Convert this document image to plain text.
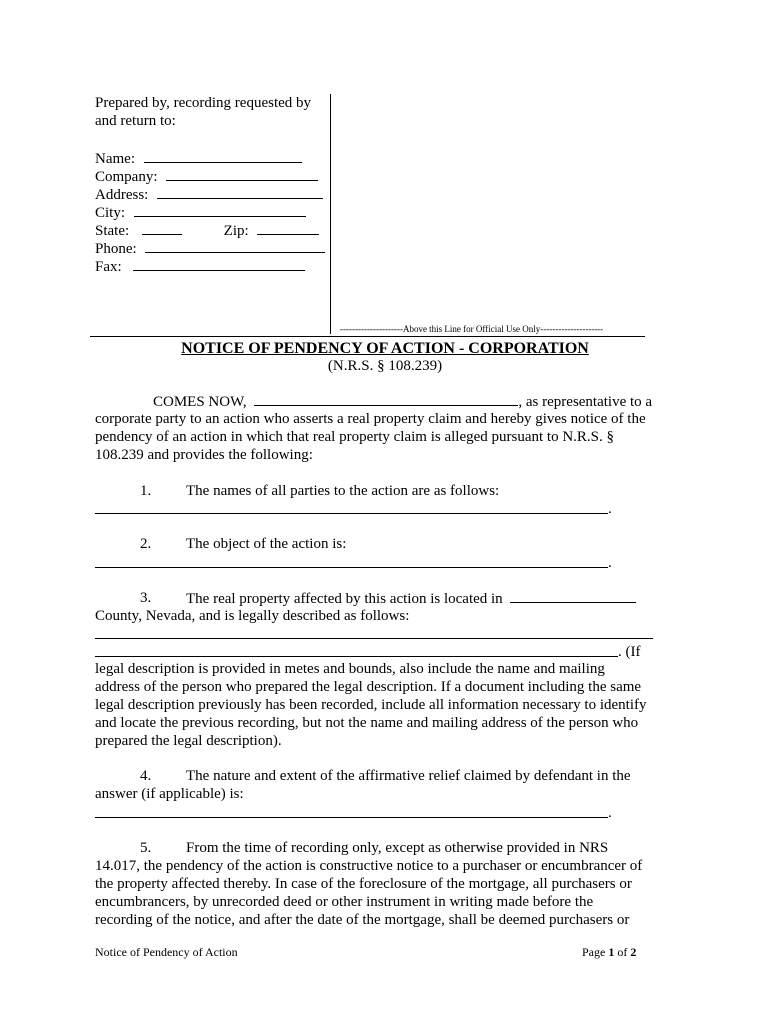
Prepared by, recording requested by
and return to:
Name:
Company:
Address:
City:
State:	Zip:
Phone:
Fax:
---------------------Above this Line for Official Use Only---------------------
NOTICE OF PENDENCY OF ACTION - CORPORATION
(N.R.S. § 108.239)
COMES NOW,	, as representative to a
corporate party to an action who asserts a real property claim and hereby gives notice of the
pendency of an action in which that real property claim is alleged pursuant to N.R.S. §
108.239 and provides the following:
1. The names of all parties to the action are as follows:
.
2. The object of the action is:
.
3. The real property affected by this action is located in
County, Nevada, and is legally described as follows:
. (If
legal description is provided in metes and bounds, also include the name and mailing
address of the person who prepared the legal description. If a document including the same
legal description previously has been recorded, include all information necessary to identify
and locate the previous recording, but not the name and mailing address of the person who
prepared the legal description).
4. The nature and extent of the affirmative relief claimed by defendant in the
answer (if applicable) is:
.
5. From the time of recording only, except as otherwise provided in NRS
14.017, the pendency of the action is constructive notice to a purchaser or encumbrancer of
the property affected thereby. In case of the foreclosure of the mortgage, all purchasers or
encumbrancers, by unrecorded deed or other instrument in writing made before the
recording of the notice, and after the date of the mortgage, shall be deemed purchasers or
Notice of Pendency of Action	Page 1 of 2
